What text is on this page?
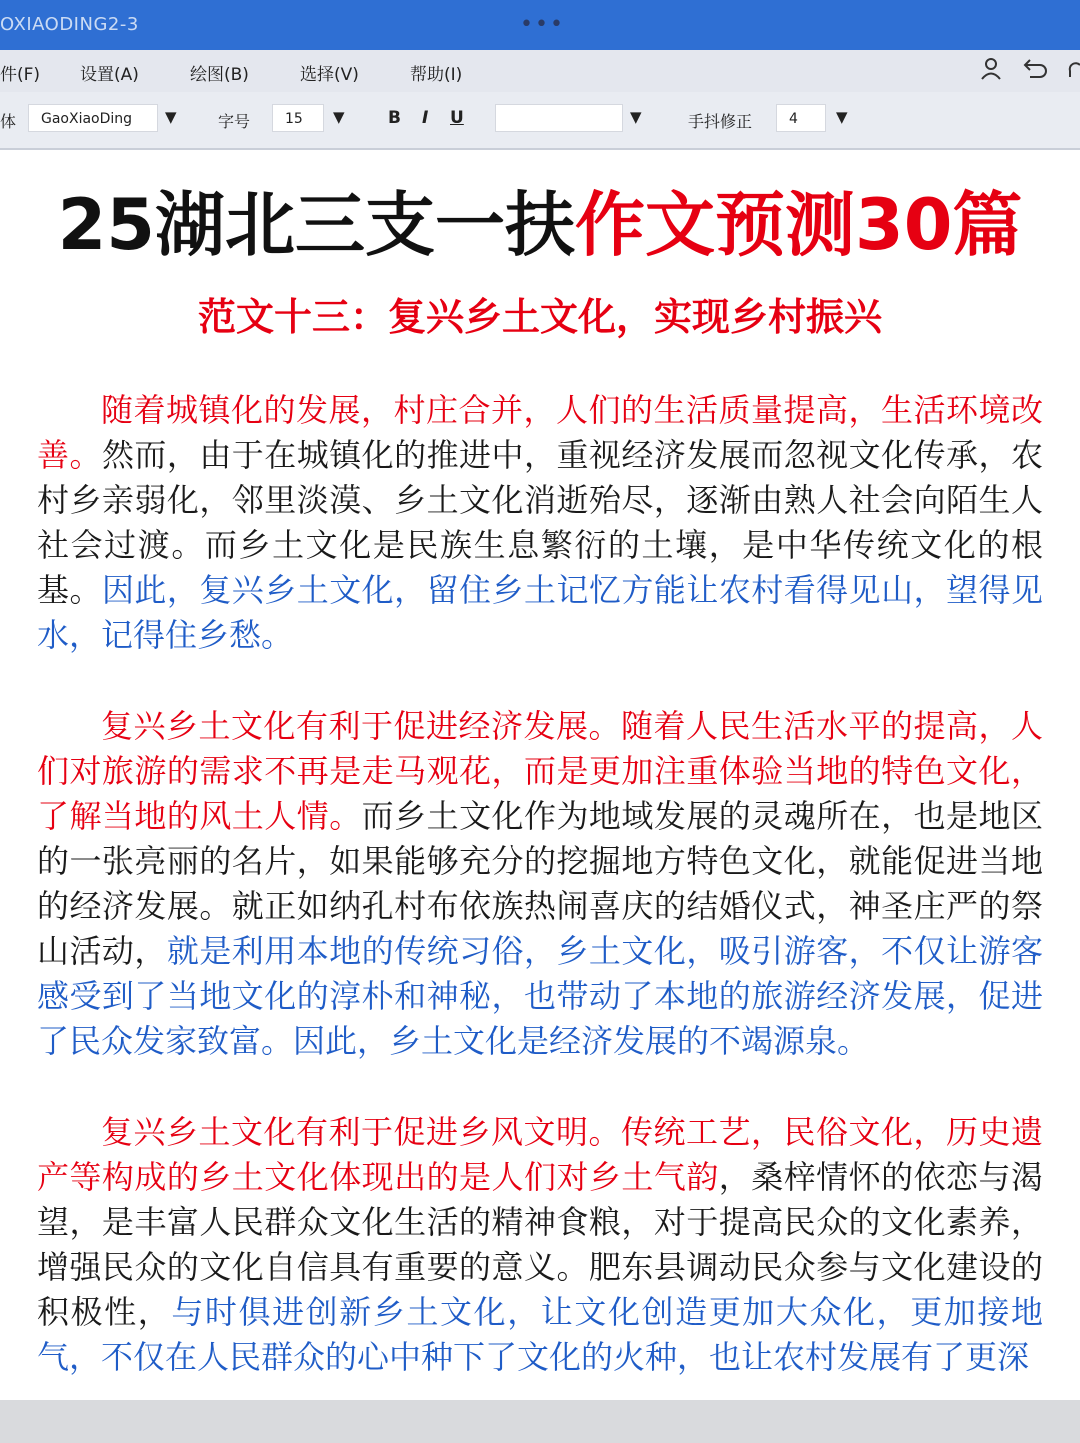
OXIAODING2-3	•••
件(F) 设置(A)	绘图(B)	选择(V)	帮助(I)
体	GaoXiaoDing	▼	字号	15	▼	B I U	▼	手抖修正	4	▼
25湖北三支一扶作文预测30篇
范文十三：复兴乡土文化，实现乡村振兴
随着城镇化的发展，村庄合并，人们的生活质量提高，生活环境改善。然而，由于在城镇化的推进中，重视经济发展而忽视文化传承，农村乡亲弱化，邻里淡漠、乡土文化消逝殆尽，逐渐由熟人社会向陌生人社会过渡。而乡土文化是民族生息繁衍的土壤，是中华传统文化的根基。因此，复兴乡土文化，留住乡土记忆方能让农村看得见山，望得见水，记得住乡愁。
复兴乡土文化有利于促进经济发展。随着人民生活水平的提高，人们对旅游的需求不再是走马观花，而是更加注重体验当地的特色文化，了解当地的风土人情。而乡土文化作为地域发展的灵魂所在，也是地区的一张亮丽的名片，如果能够充分的挖掘地方特色文化，就能促进当地的经济发展。就正如纳孔村布依族热闹喜庆的结婚仪式，神圣庄严的祭山活动，就是利用本地的传统习俗，乡土文化，吸引游客，不仅让游客感受到了当地文化的淳朴和神秘，也带动了本地的旅游经济发展，促进了民众发家致富。因此，乡土文化是经济发展的不竭源泉。
复兴乡土文化有利于促进乡风文明。传统工艺，民俗文化，历史遗产等构成的乡土文化体现出的是人们对乡土气韵，桑梓情怀的依恋与渴望，是丰富人民群众文化生活的精神食粮，对于提高民众的文化素养，增强民众的文化自信具有重要的意义。肥东县调动民众参与文化建设的积极性，与时俱进创新乡土文化，让文化创造更加大众化，更加接地气，不仅在人民群众的心中种下了文化的火种，也让农村发展有了更深
